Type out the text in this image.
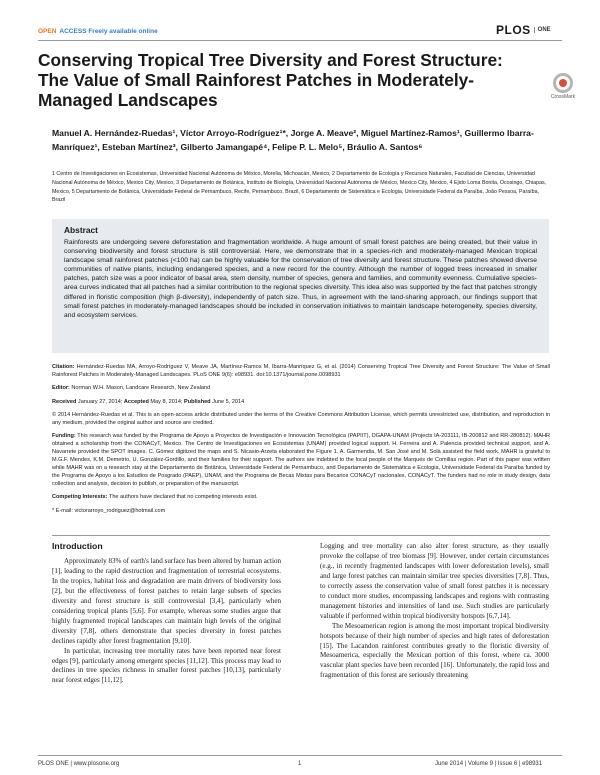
OPEN ACCESS Freely available online	PLOS	ONE
Conserving Tropical Tree Diversity and Forest Structure: The Value of Small Rainforest Patches in Moderately-Managed Landscapes	CrossMark
Manuel A. Hernández-Ruedas¹, Víctor Arroyo-Rodríguez¹*, Jorge A. Meave², Miguel Martínez-Ramos¹, Guillermo Ibarra-Manríquez¹, Esteban Martínez³, Gilberto Jamangapé⁴, Felipe P. L. Melo⁵, Bráulio A. Santos⁶
1 Centro de Investigaciones en Ecosistemas, Universidad Nacional Autónoma de México, Morelia, Michoacán, Mexico, 2 Departamento de Ecología y Recursos Naturales, Facultad de Ciencias, Universidad Nacional Autónoma de México, Mexico City, Mexico, 3 Departamento de Botánica, Instituto de Biología, Universidad Nacional Autónoma de México, Mexico City, Mexico, 4 Ejido Loma Bonita, Ocosingo, Chiapas, Mexico, 5 Departamento de Botânica, Universidade Federal de Pernambuco, Recife, Pernambuco, Brazil, 6 Departamento de Sistemática e Ecologia, Universidade Federal da Paraíba, João Pessoa, Paraíba, Brazil
Abstract
Rainforests are undergoing severe deforestation and fragmentation worldwide. A huge amount of small forest patches are being created, but their value in conserving biodiversity and forest structure is still controversial. Here, we demonstrate that in a species-rich and moderately-managed Mexican tropical landscape small rainforest patches (<100 ha) can be highly valuable for the conservation of tree diversity and forest structure. These patches showed diverse communities of native plants, including endangered species, and a new record for the country. Although the number of logged trees increased in smaller patches, patch size was a poor indicator of basal area, stem density, number of species, genera and families, and community evenness. Cumulative species-area curves indicated that all patches had a similar contribution to the regional species diversity. This idea also was supported by the fact that patches strongly differed in floristic composition (high β-diversity), independently of patch size. Thus, in agreement with the land-sharing approach, our findings support that small forest patches in moderately-managed landscapes should be included in conservation initiatives to maintain landscape heterogeneity, species diversity, and ecosystem services.

Citation: Hernández-Ruedas MA, Arroyo-Rodríguez V, Meave JA, Martínez-Ramos M, Ibarra-Manríquez G, et al. (2014) Conserving Tropical Tree Diversity and Forest Structure: The Value of Small Rainforest Patches in Moderately-Managed Landscapes. PLoS ONE 9(6): e98931. doi:10.1371/journal.pone.0098931

Editor: Norman W.H. Mason, Landcare Research, New Zealand

Received January 27, 2014; Accepted May 8, 2014; Published June 5, 2014

© 2014 Hernández-Ruedas et al. This is an open-access article distributed under the terms of the Creative Commons Attribution License, which permits unrestricted use, distribution, and reproduction in any medium, provided the original author and source are credited.

Funding: This research was funded by the Programa de Apoyo a Proyectos de Investigación e Innovación Tecnológica (PAPIIT), DGAPA-UNAM (Projects IA-203111, IB-200812 and RR-280812). MAHR obtained a scholarship from the CONACyT, Mexico. The Centro de Investigaciones en Ecosistemas (UNAM) provided logical support. H. Ferreira and A. Palencia provided technical support, and A. Navarrete provided the SPOT images. C. Gómez digitized the maps and S. Nicasio-Arzeta elaborated the Figure 1. A. Garmendia, M. San José and M. Solà assisted the field work. MAHR is grateful to M.G.F. Mendes, K.M. Demetrio, U. González-Gordillo, and their families for their support. The authors are indebted to the local people of the Marqués de Comillas region. Part of this paper was written while MAHR was on a research stay at the Departamento de Botânica, Universidade Federal de Pernambuco, and Departamento de Sistemática e Ecologia, Universidade Federal da Paraíba funded by the Programa de Apoyo a los Estudios de Posgrado (PAEP), UNAM, and the Programa de Becas Mixtas para Becarios CONACyT nacionales, CONACyT. The funders had no role in study design, data collection and analysis, decision to publish, or preparation of the manuscript.

Competing Interests: The authors have declared that no competing interests exist.

* E-mail: victorarroyo_rodriguez@hotmail.com

Introduction

Approximately 83% of earth's land surface has been altered by human action [1], leading to the rapid destruction and fragmentation of terrestrial ecosystems. In the tropics, habitat loss and degradation are main drivers of biodiversity loss [2], but the effectiveness of forest patches to retain large subsets of species diversity and forest structure is still controversial [3,4], particularly when considering tropical plants [5,6]. For example, whereas some studies argue that highly fragmented tropical landscapes can maintain high levels of the original diversity [7,8], others demonstrate that species diversity in forest patches declines rapidly after forest fragmentation [9,10].

In particular, increasing tree mortality rates have been reported near forest edges [9], particularly among emergent species [11,12]. This process may lead to declines in tree species richness in smaller forest patches [10,13], particularly near forest edges [11,12].

Logging and tree mortality can also alter forest structure, as they usually provoke the collapse of tree biomass [9]. However, under certain circumstances (e.g., in recently fragmented landscapes with lower deforestation levels), small and large forest patches can maintain similar tree species diversities [7,8]. Thus, to correctly assess the conservation value of small forest patches it is necessary to conduct more studies, encompassing landscapes and regions with contrasting management histories and intensities of land use. Such studies are particularly valuable if performed within tropical biodiversity hotspots [6,7,14].

The Mesoamerican region is among the most important tropical biodiversity hotspots because of their high number of species and high rates of deforestation [15]. The Lacandon rainforest contributes greatly to the floristic diversity of Mesoamerica, especially the Mexican portion of this forest, where ca. 3000 vascular plant species have been recorded [16]. Unfortunately, the rapid loss and fragmentation of this forest are seriously threatening

PLOS ONE | www.plosone.org	1	June 2014 | Volume 9 | Issue 6 | e98931
